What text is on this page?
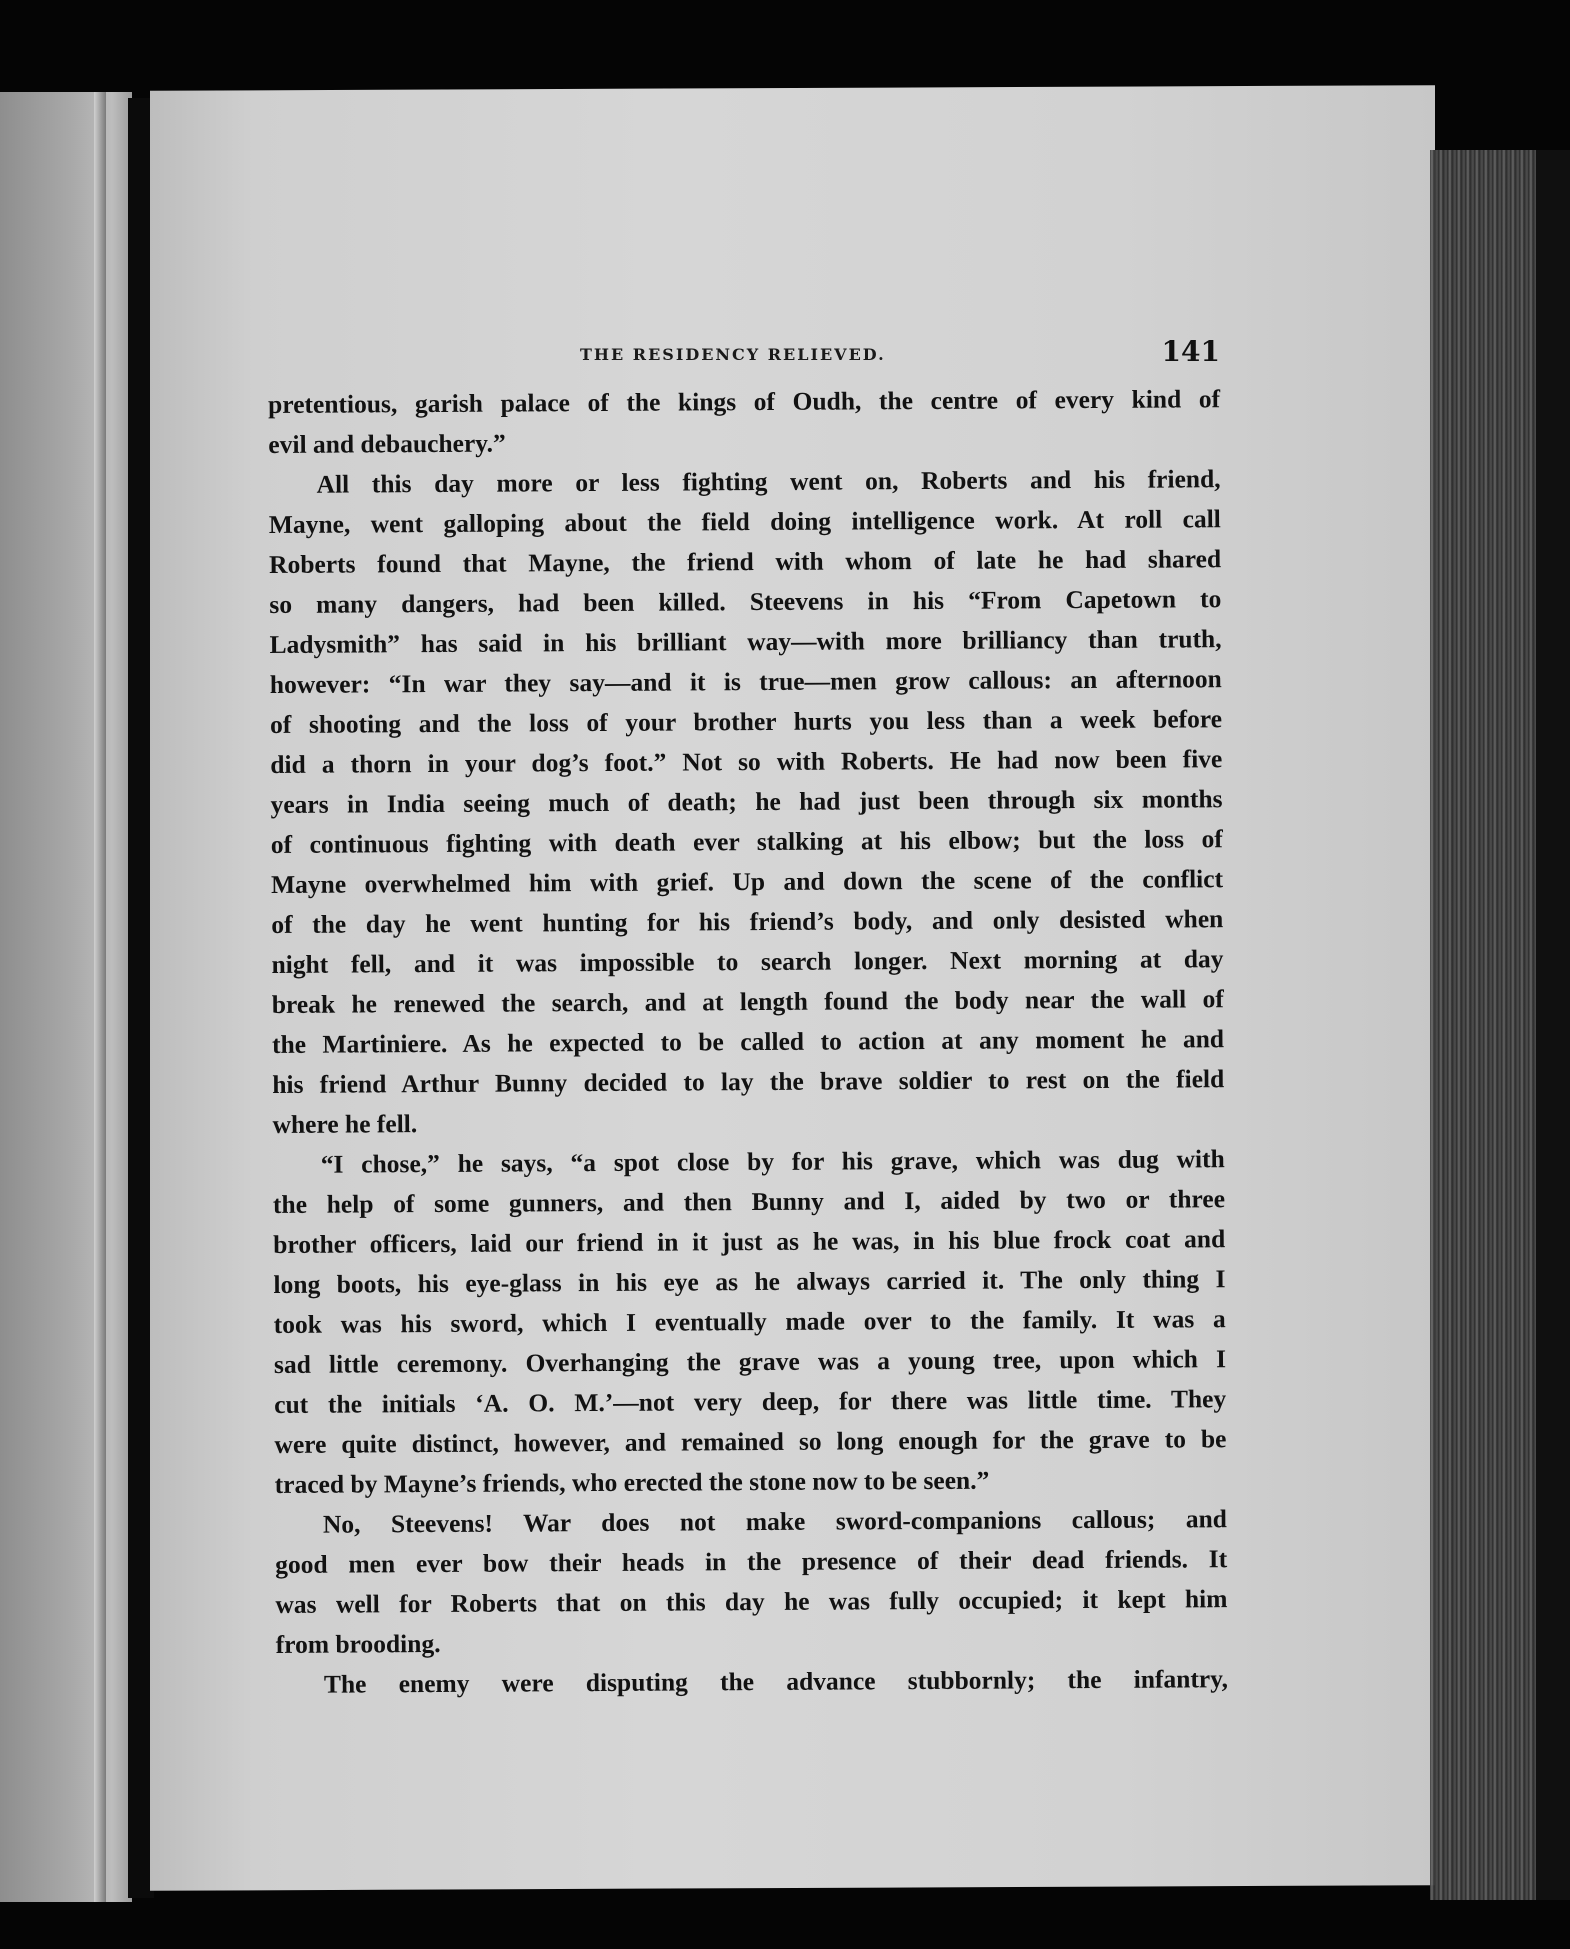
THE RESIDENCY RELIEVED.	141
pretentious, garish palace of the kings of Oudh, the centre of every kind of
evil and debauchery.”
All this day more or less fighting went on, Roberts and his friend,
Mayne, went galloping about the field doing intelligence work. At roll call
Roberts found that Mayne, the friend with whom of late he had shared
so many dangers, had been killed. Steevens in his “From Capetown to
Ladysmith” has said in his brilliant way—with more brilliancy than truth,
however: “In war they say—and it is true—men grow callous: an afternoon
of shooting and the loss of your brother hurts you less than a week before
did a thorn in your dog’s foot.” Not so with Roberts. He had now been five
years in India seeing much of death; he had just been through six months
of continuous fighting with death ever stalking at his elbow; but the loss of
Mayne overwhelmed him with grief. Up and down the scene of the conflict
of the day he went hunting for his friend’s body, and only desisted when
night fell, and it was impossible to search longer. Next morning at day
break he renewed the search, and at length found the body near the wall of
the Martiniere. As he expected to be called to action at any moment he and
his friend Arthur Bunny decided to lay the brave soldier to rest on the field
where he fell.
“I chose,” he says, “a spot close by for his grave, which was dug with
the help of some gunners, and then Bunny and I, aided by two or three
brother officers, laid our friend in it just as he was, in his blue frock coat and
long boots, his eye-glass in his eye as he always carried it. The only thing I
took was his sword, which I eventually made over to the family. It was a
sad little ceremony. Overhanging the grave was a young tree, upon which I
cut the initials ‘A. O. M.’—not very deep, for there was little time. They
were quite distinct, however, and remained so long enough for the grave to be
traced by Mayne’s friends, who erected the stone now to be seen.”
No, Steevens! War does not make sword-companions callous; and
good men ever bow their heads in the presence of their dead friends. It
was well for Roberts that on this day he was fully occupied; it kept him
from brooding.
The enemy were disputing the advance stubbornly; the infantry,
